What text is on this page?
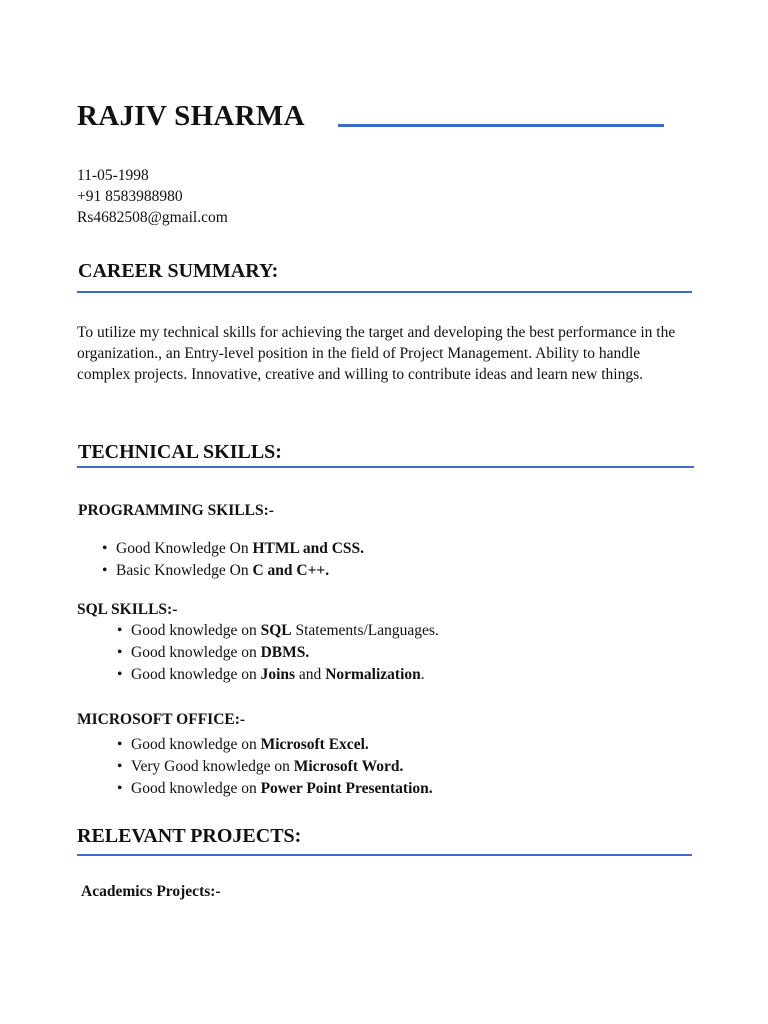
RAJIV SHARMA
11-05-1998
+91 8583988980
Rs4682508@gmail.com
CAREER SUMMARY:
To utilize my technical skills for achieving the target and developing the best performance in the organization., an Entry-level position in the field of Project Management. Ability to handle complex projects. Innovative, creative and willing to contribute ideas and learn new things.
TECHNICAL SKILLS:
PROGRAMMING SKILLS:-
• Good Knowledge On HTML and CSS.
• Basic Knowledge On C and C++.
SQL SKILLS:-
• Good knowledge on SQL Statements/Languages.
• Good knowledge on DBMS.
• Good knowledge on Joins and Normalization.
MICROSOFT OFFICE:-
• Good knowledge on Microsoft Excel.
• Very Good knowledge on Microsoft Word.
• Good knowledge on Power Point Presentation.
RELEVANT PROJECTS:
Academics Projects:-
